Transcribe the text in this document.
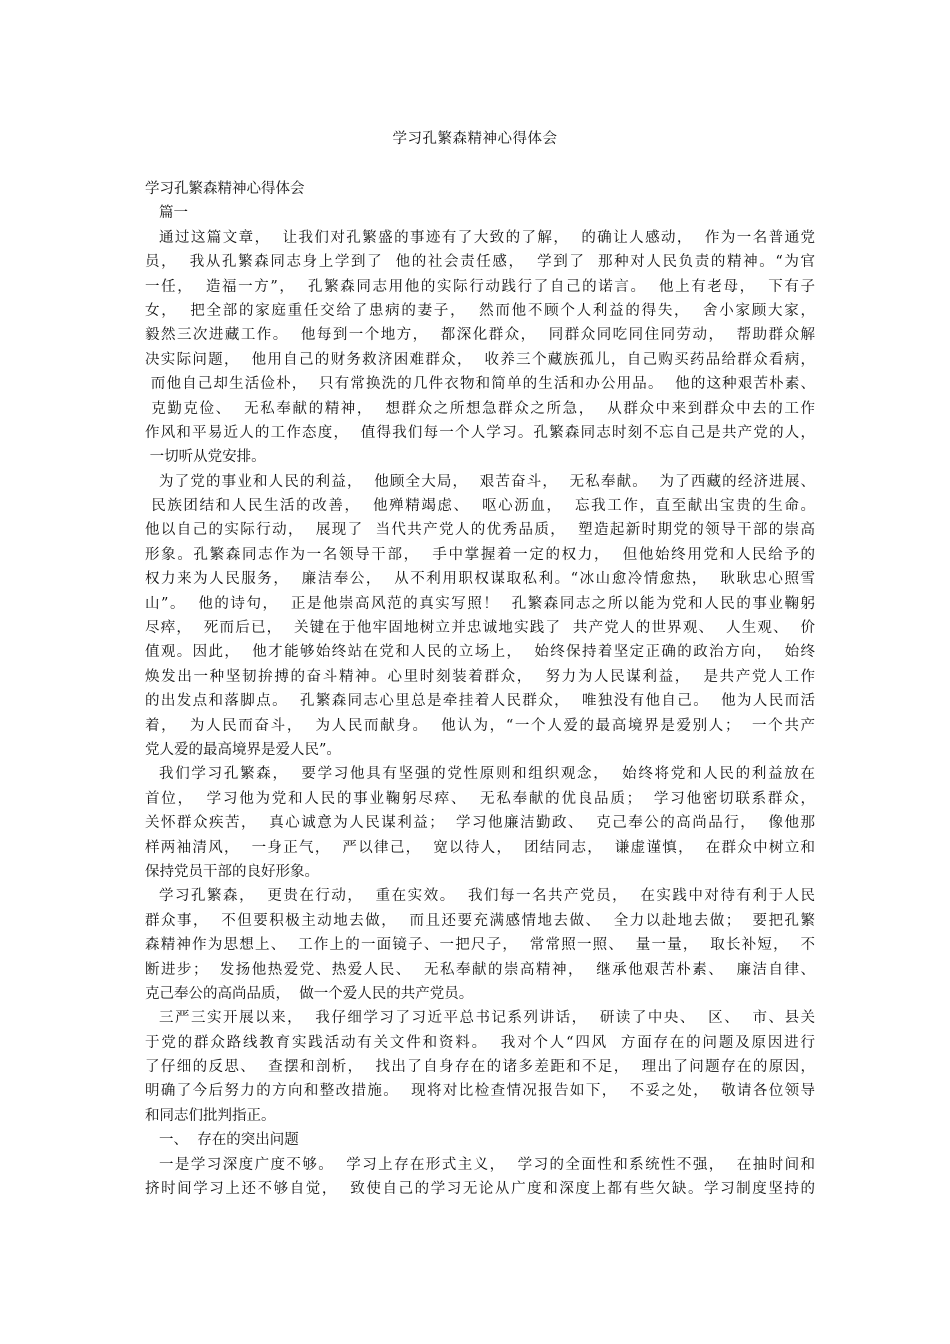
学习孔繁森精神心得体会
学习孔繁森精神心得体会
篇一
通过这篇文章，  让我们对孔繁盛的事迹有了大致的了解，  的确让人感动，  作为一名普通党
员，  我从孔繁森同志身上学到了  他的社会责任感，  学到了  那种对人民负责的精神。“为官
一任，  造福一方”，  孔繁森同志用他的实际行动践行了自己的诺言。  他上有老母，  下有子
女，  把全部的家庭重任交给了患病的妻子，  然而他不顾个人利益的得失，  舍小家顾大家，
毅然三次进藏工作。  他每到一个地方，  都深化群众，  同群众同吃同住同劳动，  帮助群众解
决实际问题，  他用自己的财务救济困难群众，  收养三个藏族孤儿，自己购买药品给群众看病，
而他自己却生活俭朴，  只有常换洗的几件衣物和简单的生活和办公用品。  他的这种艰苦朴素、
克勤克俭、  无私奉献的精神，  想群众之所想急群众之所急，  从群众中来到群众中去的工作
作风和平易近人的工作态度，  值得我们每一个人学习。孔繁森同志时刻不忘自己是共产党的人，
一切听从党安排。
为了党的事业和人民的利益，  他顾全大局，  艰苦奋斗，  无私奉献。  为了西藏的经济进展、
民族团结和人民生活的改善，  他殚精竭虑、  呕心沥血，  忘我工作，直至献出宝贵的生命。
他以自己的实际行动，  展现了  当代共产党人的优秀品质，  塑造起新时期党的领导干部的崇高
形象。孔繁森同志作为一名领导干部，  手中掌握着一定的权力，  但他始终用党和人民给予的
权力来为人民服务，  廉洁奉公，  从不利用职权谋取私利。“冰山愈冷情愈热，  耿耿忠心照雪
山”。  他的诗句，  正是他崇高风范的真实写照！  孔繁森同志之所以能为党和人民的事业鞠躬
尽瘁，  死而后已，  关键在于他牢固地树立并忠诚地实践了  共产党人的世界观、  人生观、  价
值观。因此，  他才能够始终站在党和人民的立场上，  始终保持着坚定正确的政治方向，  始终
焕发出一种坚韧拚搏的奋斗精神。心里时刻装着群众，  努力为人民谋利益，  是共产党人工作
的出发点和落脚点。  孔繁森同志心里总是牵挂着人民群众，  唯独没有他自己。  他为人民而活
着，  为人民而奋斗，  为人民而献身。  他认为，“一个人爱的最高境界是爱别人；  一个共产
党人爱的最高境界是爱人民”。
我们学习孔繁森，  要学习他具有坚强的党性原则和组织观念，  始终将党和人民的利益放在
首位，  学习他为党和人民的事业鞠躬尽瘁、  无私奉献的优良品质；  学习他密切联系群众，
关怀群众疾苦，  真心诚意为人民谋利益；  学习他廉洁勤政、  克己奉公的高尚品行，  像他那
样两袖清风，  一身正气，  严以律己，  宽以待人，  团结同志，  谦虚谨慎，  在群众中树立和
保持党员干部的良好形象。
学习孔繁森，  更贵在行动，  重在实效。  我们每一名共产党员，  在实践中对待有利于人民
群众事，  不但要积极主动地去做，  而且还要充满感情地去做、  全力以赴地去做；  要把孔繁
森精神作为思想上、  工作上的一面镜子、一把尺子，  常常照一照、  量一量，  取长补短，  不
断进步；  发扬他热爱党、热爱人民、  无私奉献的崇高精神，  继承他艰苦朴素、  廉洁自律、
克己奉公的高尚品质，  做一个爱人民的共产党员。
三严三实开展以来，  我仔细学习了习近平总书记系列讲话，  研读了中央、  区、  市、县关
于党的群众路线教育实践活动有关文件和资料。  我对个人“四风  方面存在的问题及原因进行
了仔细的反思、  查摆和剖析，  找出了自身存在的诸多差距和不足，  理出了问题存在的原因，
明确了今后努力的方向和整改措施。  现将对比检查情况报告如下，  不妥之处，  敬请各位领导
和同志们批判指正。
一、  存在的突出问题
一是学习深度广度不够。  学习上存在形式主义，  学习的全面性和系统性不强，  在抽时间和
挤时间学习上还不够自觉，  致使自己的学习无论从广度和深度上都有些欠缺。学习制度坚持的
